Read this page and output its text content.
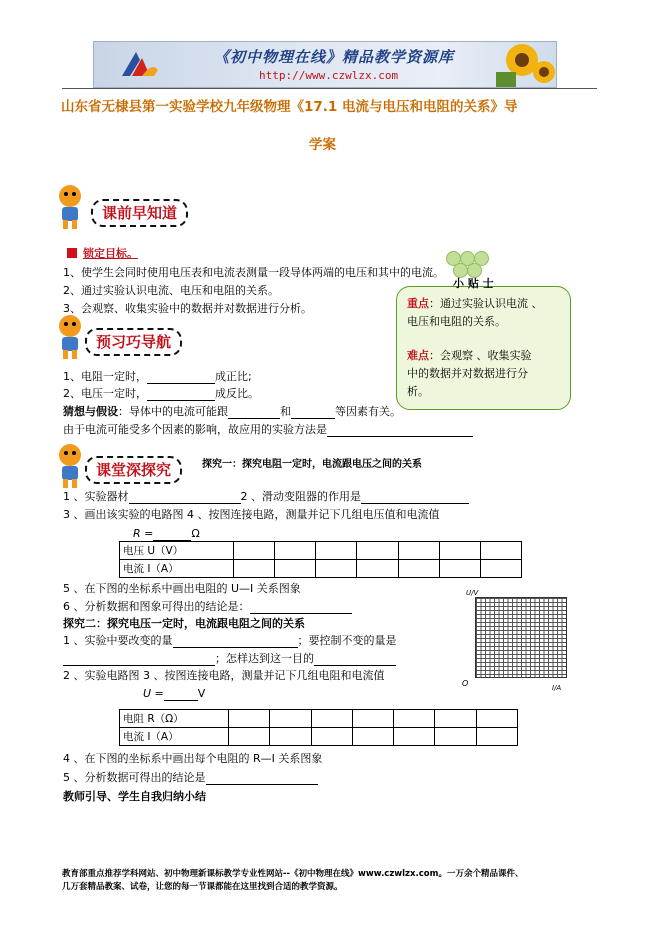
《初中物理在线》精品教学资源库
http://www.czwlzx.com
山东省无棣县第一实验学校九年级物理《17.1 电流与电压和电阻的关系》导
学案
课前早知道
锁定目标。
1、使学生会同时使用电压表和电流表测量一段导体两端的电压和其中的电流。
2、通过实验认识电流、电压和电阻的关系。
3、会观察、收集实验中的数据并对数据进行分析。
小 贴 士
重点：通过实验认识电流 、
电压和电阻的关系。
难点：会观察 、收集实验
中的数据并对数据进行分
析。
预习巧导航
1、电阻一定时，	成正比;
2、电压一定时，	成反比。
猜想与假设：导体中的电流可能跟	和	等因素有关。
由于电流可能受多个因素的影响，故应用的实验方法是
课堂深探究	探究一：探究电阻一定时，电流跟电压之间的关系
1 、实验器材	2 、滑动变阻器的作用是
3 、画出该实验的电路图 4 、按图连接电路，测量并记下几组电压值和电流值
R =	Ω
电压 U（V）							
电流 I（A）							
5 、在下图的坐标系中画出电阻的 U—I 关系图象
6 、分析数据和图象可得出的结论是：
U/V
O	I/A
探究二：探究电压一定时，电流跟电阻之间的关系
1 、实验中要改变的量	；要控制不变的量是
；怎样达到这一目的
2 、实验电路图 3 、按图连接电路，测量并记下几组电阻和电流值
U =	V
电阻 R（Ω）							
电流 I（A）							
4 、在下图的坐标系中画出每个电阻的 R—I 关系图象
5 、分析数据可得出的结论是
教师引导、学生自我归纳小结
教育部重点推荐学科网站、初中物理新课标教学专业性网站--《初中物理在线》www.czwlzx.com。一万余个精品课件、
几万套精品教案、试卷，让您的每一节课都能在这里找到合适的教学资源。
